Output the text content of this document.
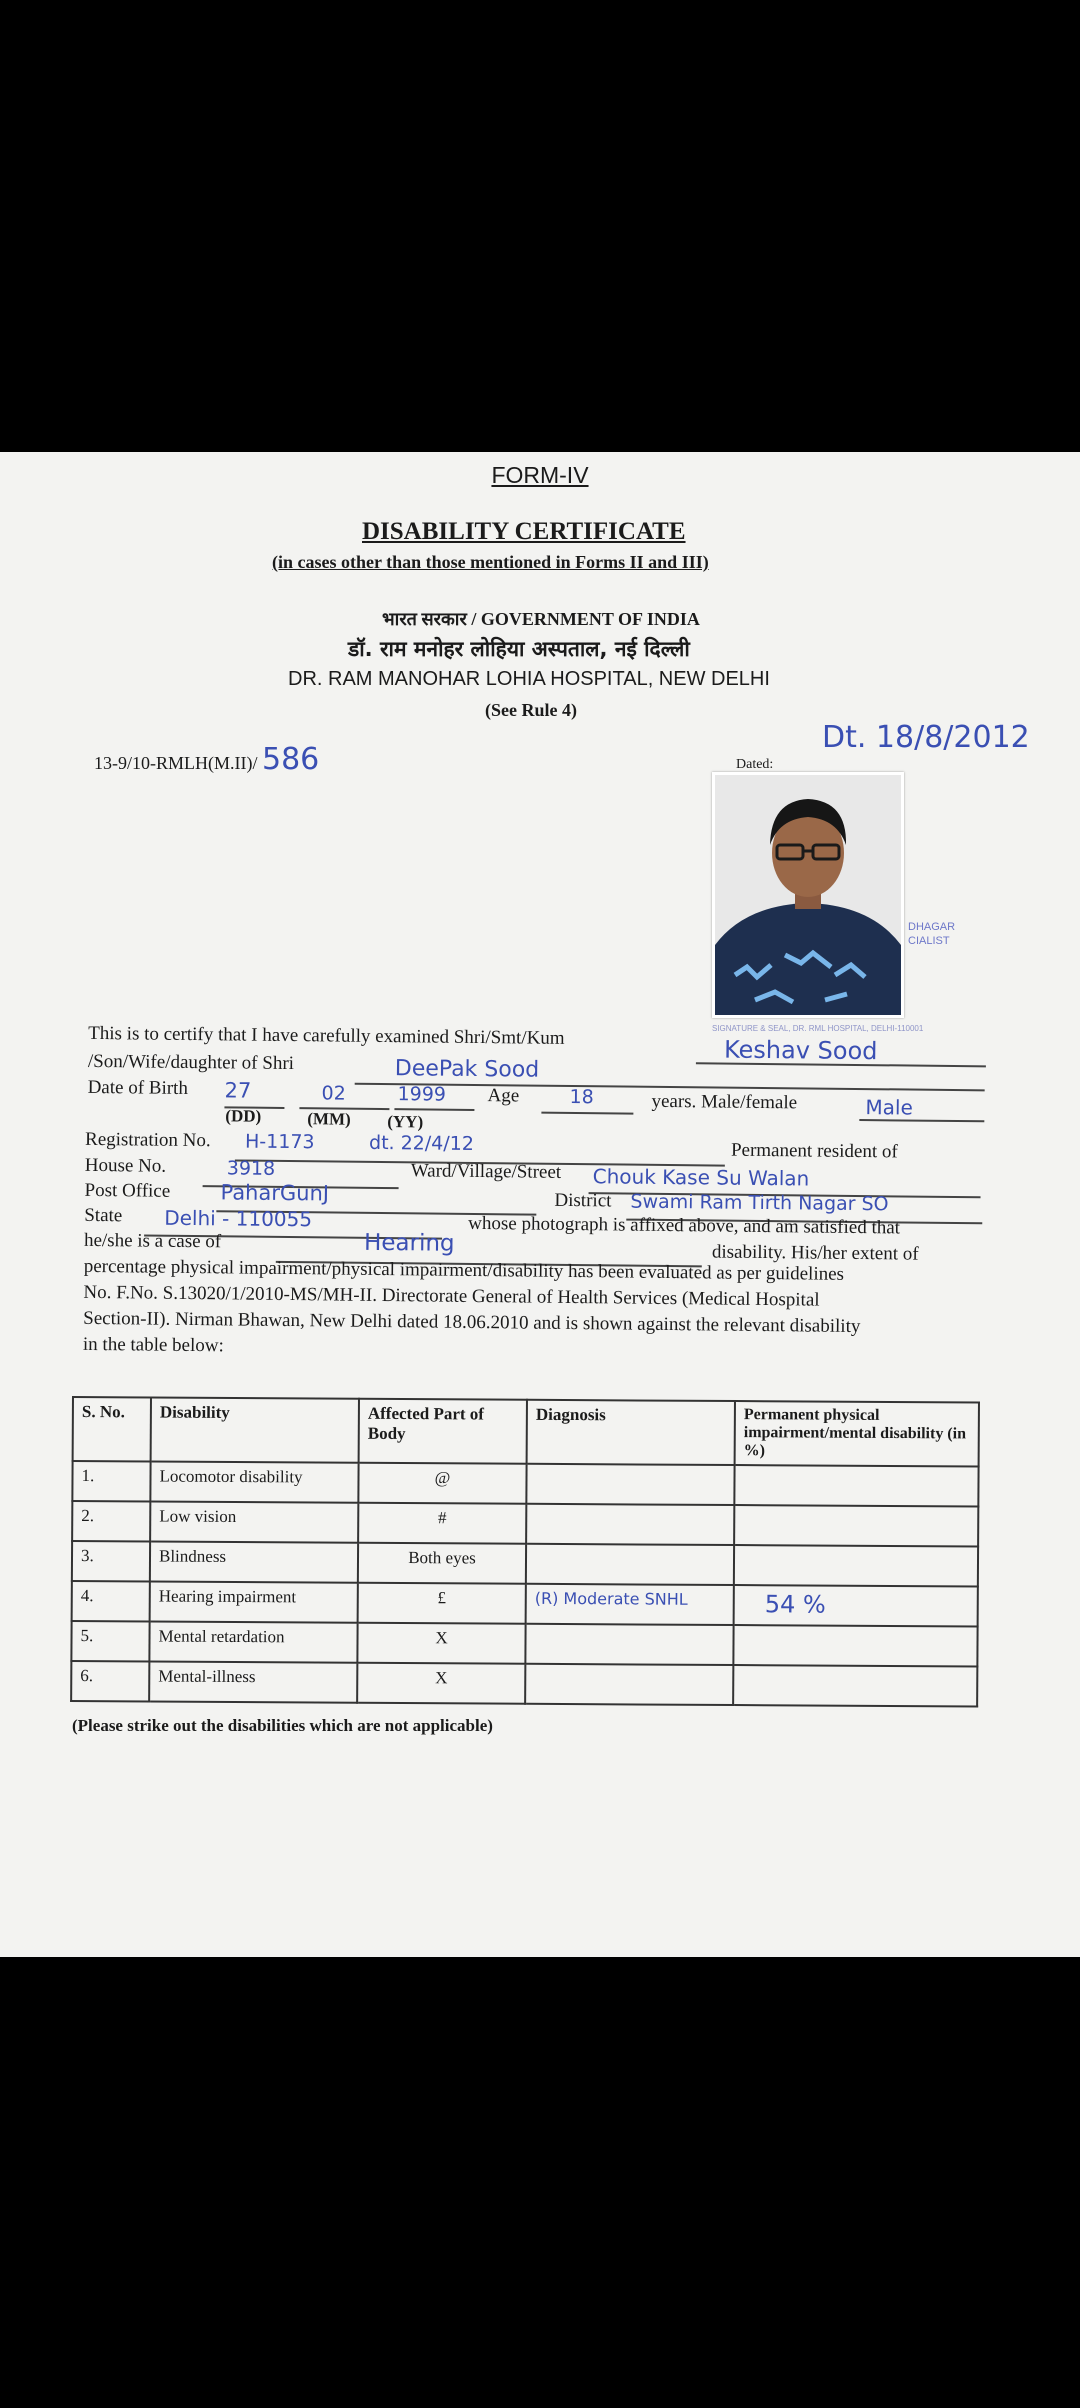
FORM-IV
DISABILITY CERTIFICATE
(in cases other than those mentioned in Forms II and III)
भारत सरकार / GOVERNMENT OF INDIA
डॉ. राम मनोहर लोहिया अस्पताल, नई दिल्ली
DR. RAM MANOHAR LOHIA HOSPITAL, NEW DELHI
(See Rule 4)
13-9/10-RMLH(M.II)/ 586	Dated:
Dt. 18/8/2012
DHAGAR
CIALIST
SIGNATURE & SEAL, DR. RML HOSPITAL, DELHI-110001
This is to certify that I have carefully examined Shri/Smt/Kum	Keshav Sood
/Son/Wife/daughter of Shri	DeePak Sood
Date of Birth 27	02	1999 Age	18	years. Male/female	Male
(DD)	(MM) (YY)
Registration No. H-1173	dt. 22/4/12	Permanent resident of
House No.	3918	Ward/Village/Street Chouk Kase Su Walan
Post Office PaharGunJ	District Swami Ram Tirth Nagar SO
State Delhi - 110055	whose photograph is affixed above, and am satisfied that
he/she is a case of	Hearing	disability. His/her extent of
percentage physical impairment/physical impairment/disability has been evaluated as per guidelines
No. F.No. S.13020/1/2010-MS/MH-II. Directorate General of Health Services (Medical Hospital
Section-II). Nirman Bhawan, New Delhi dated 18.06.2010 and is shown against the relevant disability
in the table below:
S. No.	Disability	Affected Part of Body	Diagnosis	Permanent physical impairment/mental disability (in %)
1.	Locomotor disability	@		
2.	Low vision	#		
3.	Blindness	Both eyes		
4.	Hearing impairment	£	(R) Moderate SNHL	54 %
5.	Mental retardation	X		
6.	Mental-illness	X		
(Please strike out the disabilities which are not applicable)
